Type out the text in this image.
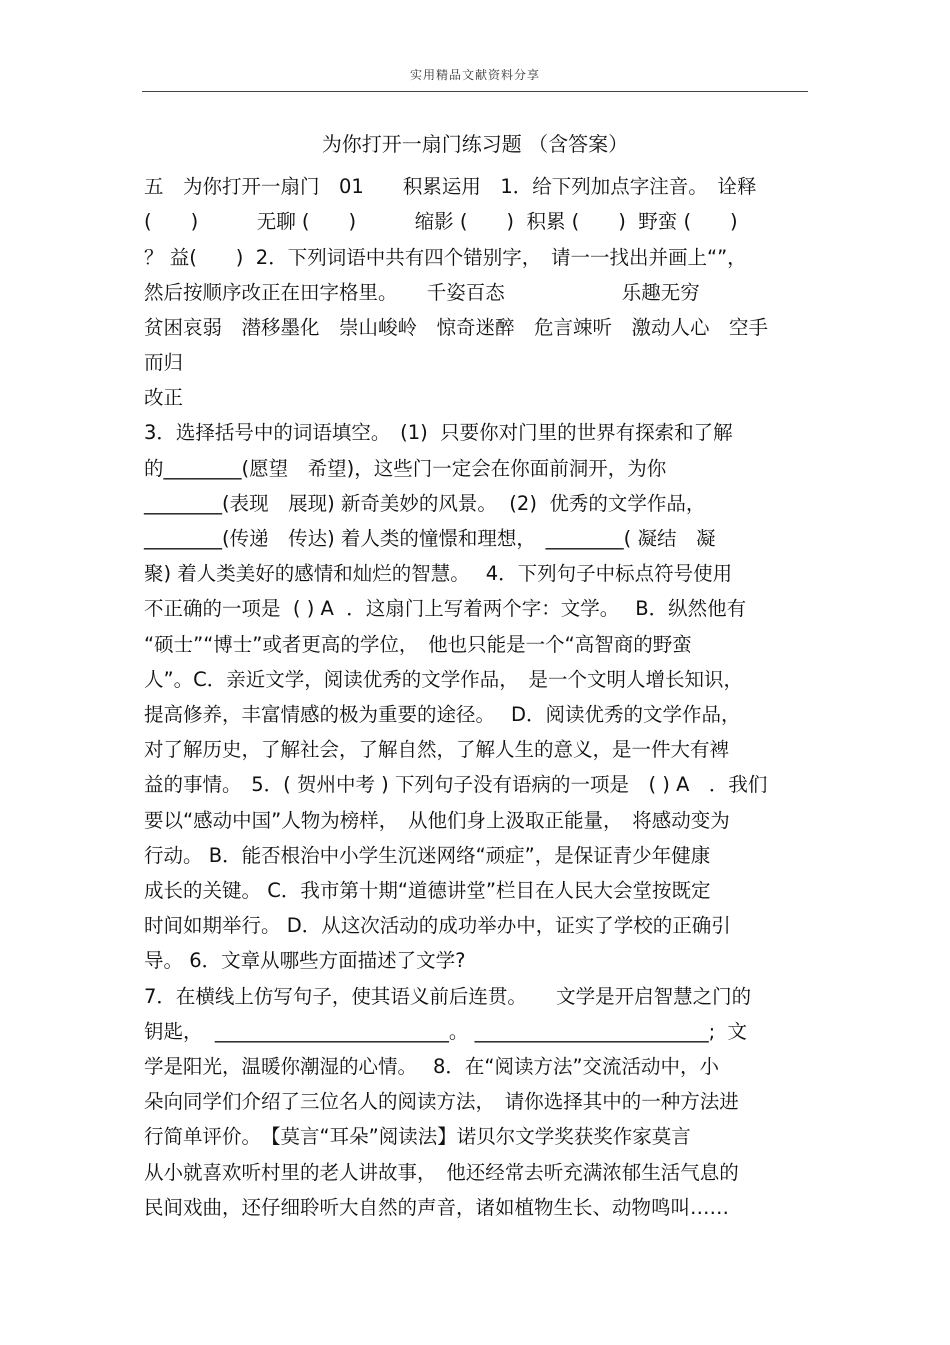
实用精品文献资料分享
为你打开一扇门练习题 （含答案）
五　为你打开一扇门　01　　积累运用　1．给下列加点字注音。　诠释
(　　)　　　无聊 (　　)　　　缩影 (　　)  积累 (　　)  野蛮 (　　)
？ 益(　　)  2．下列词语中共有四个错别字，　请一一找出并画上“”，
然后按顺序改正在田字格里。　　千姿百态　　　　　　乐趣无穷
贫困哀弱　潜移墨化　崇山峻岭　惊奇迷醉　危言竦听　激动人心　空手
而归
改正
3．选择括号中的词语填空。　(1)  只要你对门里的世界有探索和了解
的________(愿望　希望)，这些门一定会在你面前洞开，为你
________(表现　展现) 新奇美妙的风景。  (2)  优秀的文学作品，
________(传递　传达) 着人类的憧憬和理想，　________( 凝结　凝
聚) 着人类美好的感情和灿烂的智慧。　 4．下列句子中标点符号使用
不正确的一项是  ( ) A  ．这扇门上写着两个字：文学。　 B．纵然他有
“硕士”“博士”或者更高的学位，　他也只能是一个“高智商的野蛮
人”。C．亲近文学，阅读优秀的文学作品，　是一个文明人增长知识，
提高修养，丰富情感的极为重要的途径。　 D．阅读优秀的文学作品，
对了解历史，了解社会，了解自然，了解人生的意义，是一件大有裨
益的事情。　5．( 贺州中考 ) 下列句子没有语病的一项是　( ) A　．我们
要以“感动中国”人物为榜样，　从他们身上汲取正能量，　将感动变为
行动。 B．能否根治中小学生沉迷网络“顽症”，是保证青少年健康
成长的关键。 C．我市第十期“道德讲堂”栏目在人民大会堂按既定
时间如期举行。 D．从这次活动的成功举办中，证实了学校的正确引
导。 6．文章从哪些方面描述了文学?
7．在横线上仿写句子，使其语义前后连贯。　　文学是开启智慧之门的
钥匙，  ________________________。 ________________________;  文
学是阳光，温暖你潮湿的心情。　 8．在“阅读方法”交流活动中，小
朵向同学们介绍了三位名人的阅读方法，　请你选择其中的一种方法进
行简单评价。　【莫言“耳朵”阅读法】诺贝尔文学奖获奖作家莫言
从小就喜欢听村里的老人讲故事，　他还经常去听充满浓郁生活气息的
民间戏曲，还仔细聆听大自然的声音，诸如植物生长、动物鸣叫……
